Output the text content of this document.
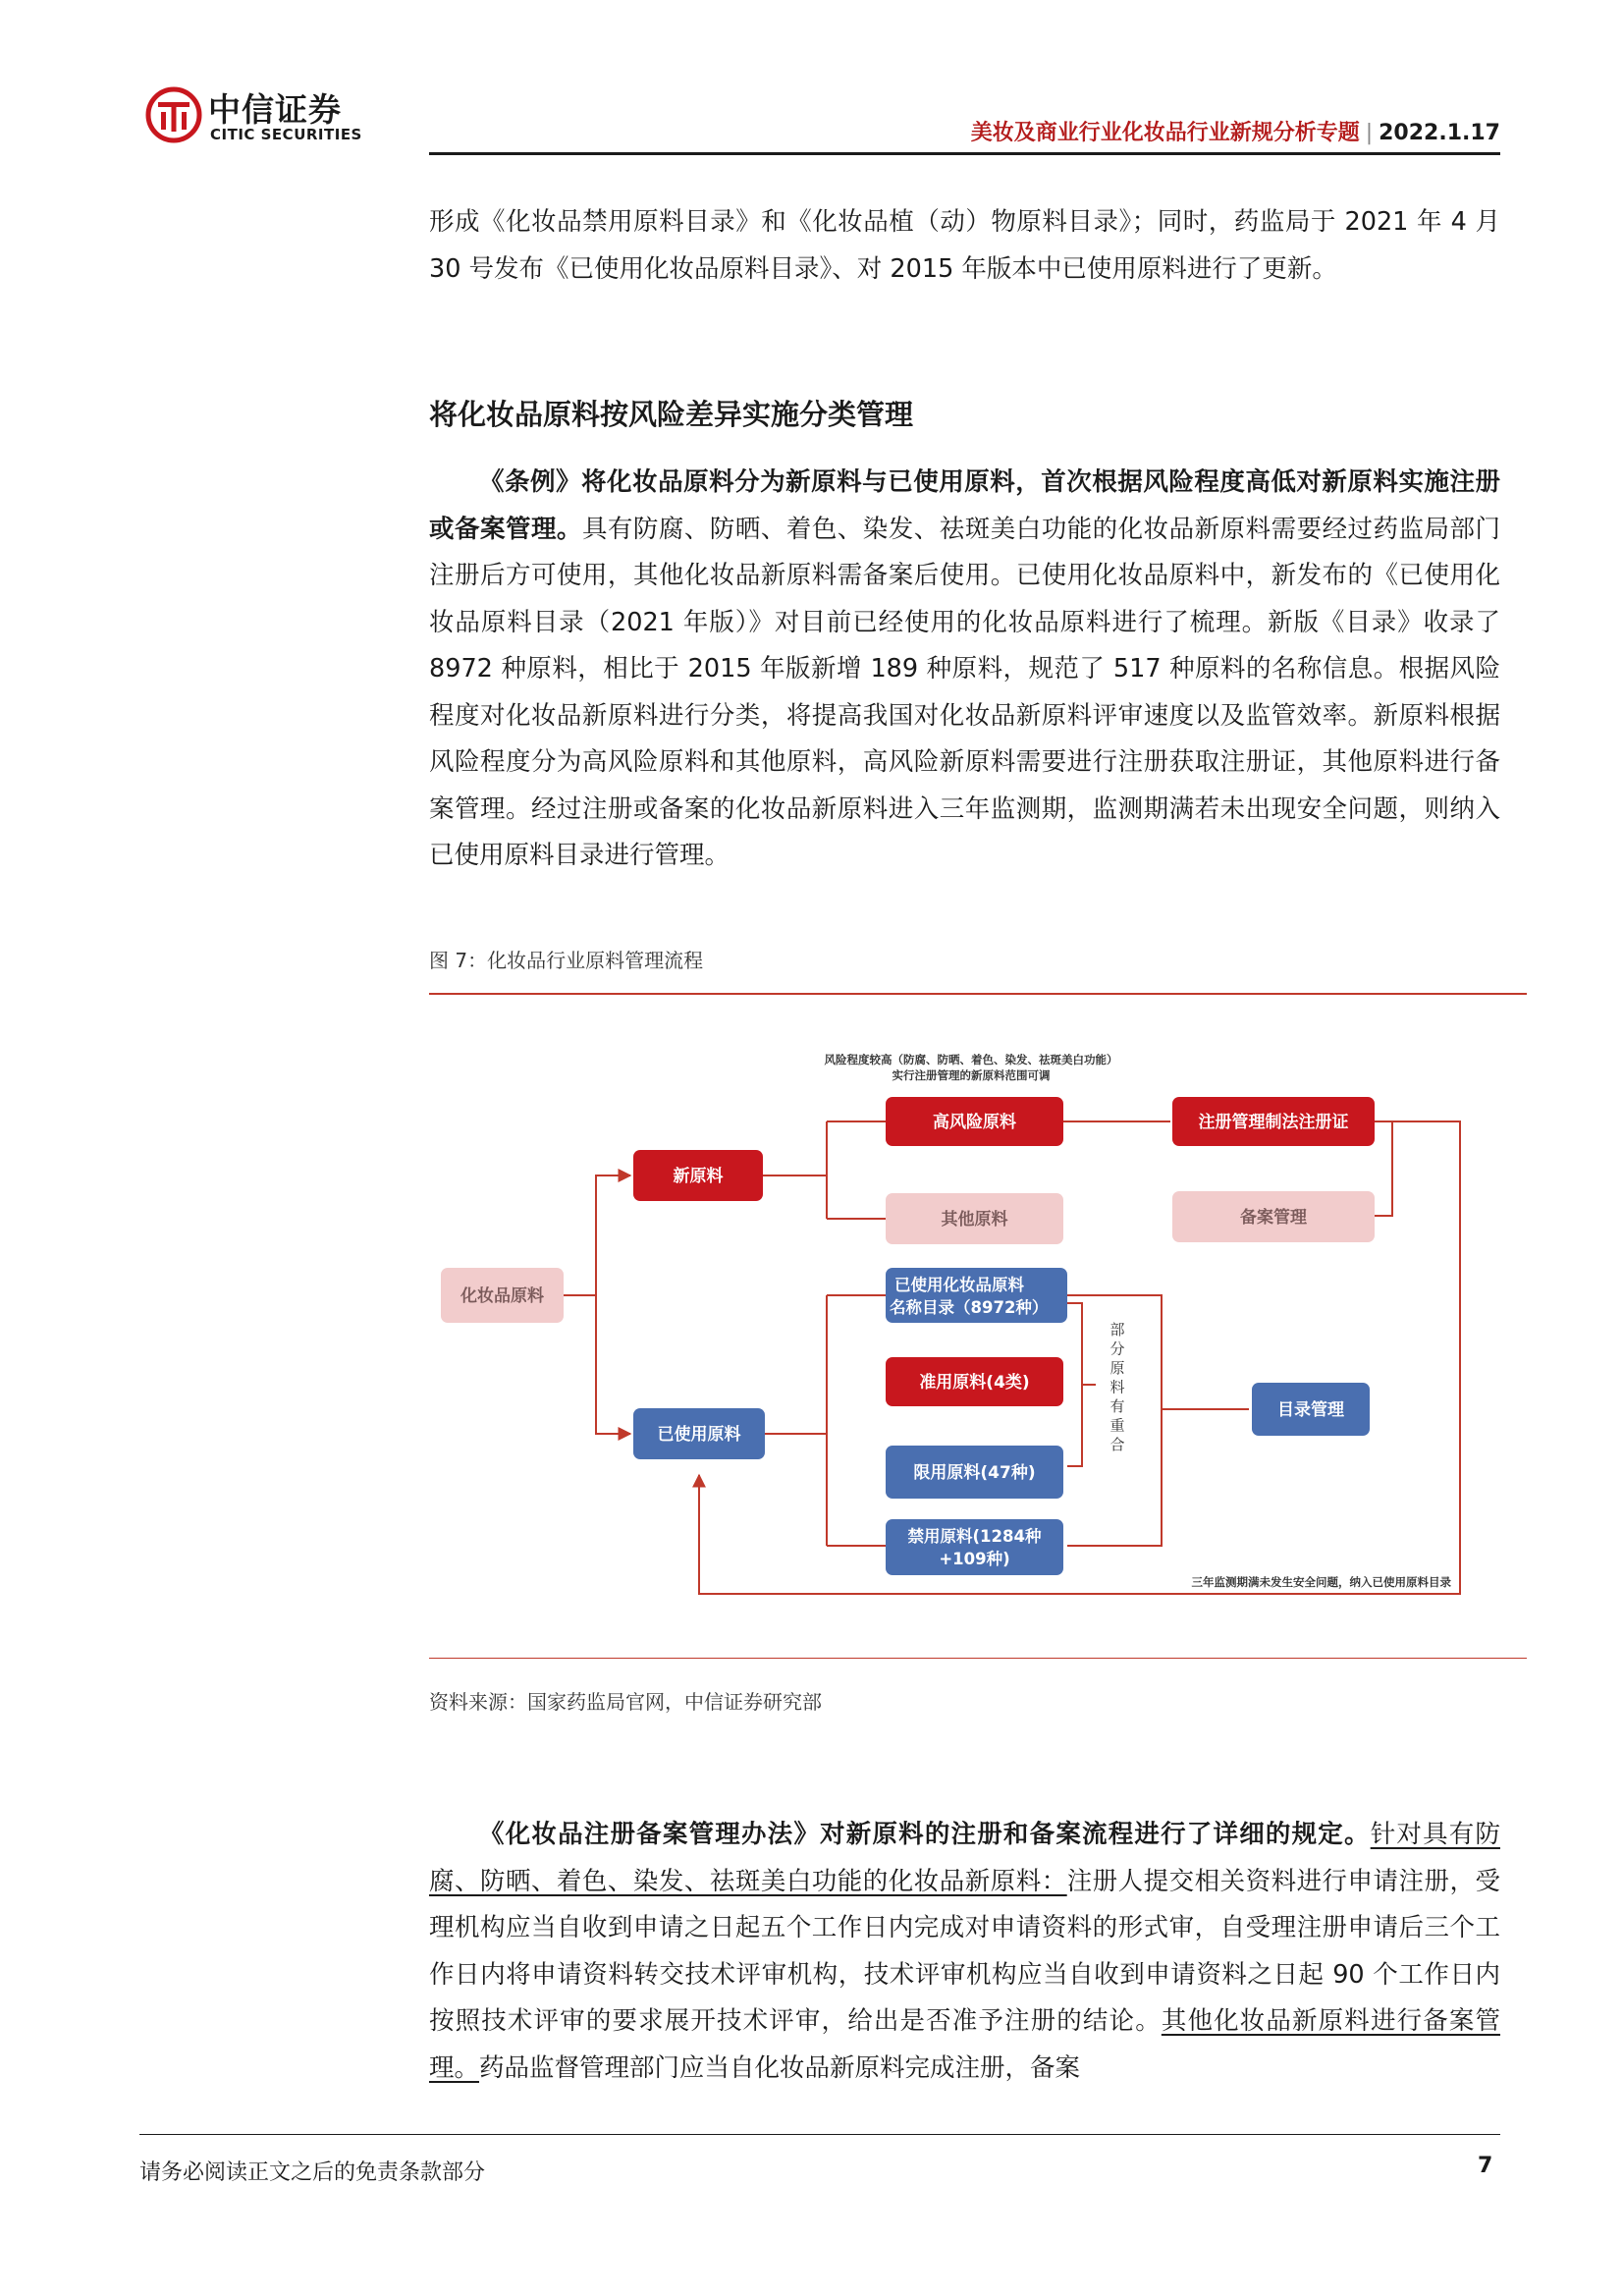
中信证券
CITIC SECURITIES	美妆及商业行业化妆品行业新规分析专题 | 2022.1.17
形成《化妆品禁用原料目录》和《化妆品植（动）物原料目录》；同时，药监局于 2021 年 4 月 30 号发布《已使用化妆品原料目录》、对 2015 年版本中已使用原料进行了更新。
将化妆品原料按风险差异实施分类管理
《条例》将化妆品原料分为新原料与已使用原料，首次根据风险程度高低对新原料实施注册或备案管理。具有防腐、防晒、着色、染发、祛斑美白功能的化妆品新原料需要经过药监局部门注册后方可使用，其他化妆品新原料需备案后使用。已使用化妆品原料中，新发布的《已使用化妆品原料目录（2021 年版）》对目前已经使用的化妆品原料进行了梳理。新版《目录》收录了 8972 种原料，相比于 2015 年版新增 189 种原料，规范了 517 种原料的名称信息。根据风险程度对化妆品新原料进行分类，将提高我国对化妆品新原料评审速度以及监管效率。新原料根据风险程度分为高风险原料和其他原料，高风险新原料需要进行注册获取注册证，其他原料进行备案管理。经过注册或备案的化妆品新原料进入三年监测期，监测期满若未出现安全问题，则纳入已使用原料目录进行管理。
图 7：化妆品行业原料管理流程
风险程度较高（防腐、防晒、着色、染发、祛斑美白功能）
实行注册管理的新原料范围可调
化妆品原料
新原料
已使用原料
高风险原料
其他原料
注册管理制法注册证
备案管理
已使用化妆品原料
名称目录（8972种）
准用原料(4类)
限用原料(47种)
禁用原料(1284种
+109种)
目录管理
部分原料有重合
三年监测期满未发生安全问题，纳入已使用原料目录
资料来源：国家药监局官网，中信证券研究部
《化妆品注册备案管理办法》对新原料的注册和备案流程进行了详细的规定。针对具有防腐、防晒、着色、染发、祛斑美白功能的化妆品新原料：注册人提交相关资料进行申请注册，受理机构应当自收到申请之日起五个工作日内完成对申请资料的形式审，自受理注册申请后三个工作日内将申请资料转交技术评审机构，技术评审机构应当自收到申请资料之日起 90 个工作日内按照技术评审的要求展开技术评审，给出是否准予注册的结论。其他化妆品新原料进行备案管理。药品监督管理部门应当自化妆品新原料完成注册，备案
请务必阅读正文之后的免责条款部分	7
